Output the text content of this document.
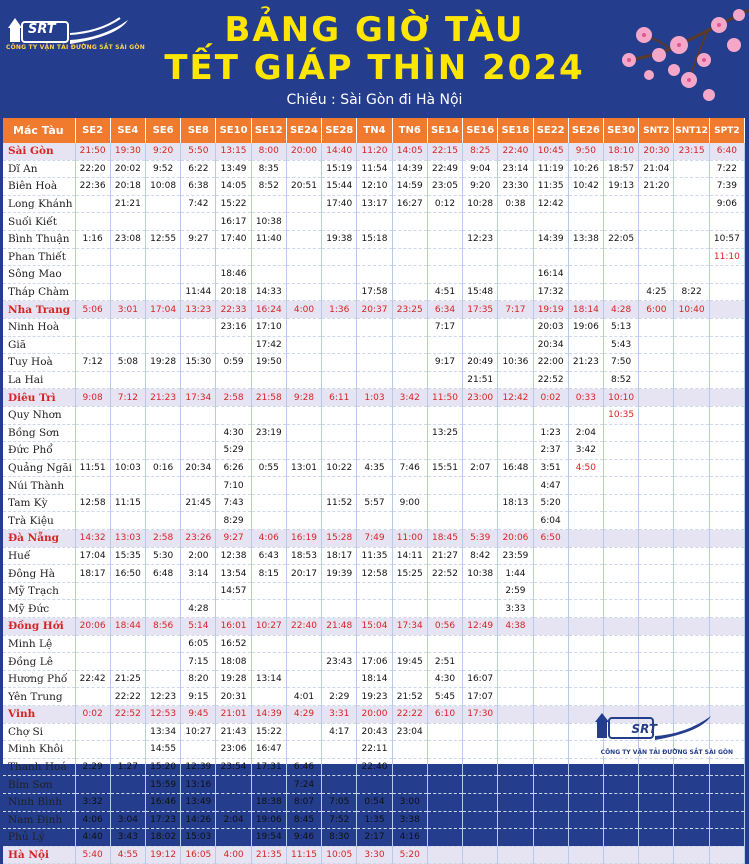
SRT
CÔNG TY VẬN TẢI ĐƯỜNG SẮT SÀI GÒN	BẢNG GIỜ TÀU
TẾT GIÁP THÌN 2024
Chiều : Sài Gòn đi Hà Nội
Mác Tàu	SE2	SE4	SE6	SE8	SE10	SE12	SE24	SE28	TN4	TN6	SE14	SE16	SE18	SE22	SE26	SE30	SNT2	SNT12	SPT2
Sài Gòn	21:50	19:30	9:20	5:50	13:15	8:00	20:00	14:40	11:20	14:05	22:15	8:25	22:40	10:45	9:50	18:10	20:30	23:15	6:40
Dĩ An	22:20	20:02	9:52	6:22	13:49	8:35		15:19	11:54	14:39	22:49	9:04	23:14	11:19	10:26	18:57	21:04		7:22
Biên Hoà	22:36	20:18	10:08	6:38	14:05	8:52	20:51	15:44	12:10	14:59	23:05	9:20	23:30	11:35	10:42	19:13	21:20		7:39
Long Khánh		21:21		7:42	15:22			17:40	13:17	16:27	0:12	10:28	0:38	12:42					9:06
Suối Kiết					16:17	10:38													
Bình Thuận	1:16	23:08	12:55	9:27	17:40	11:40		19:38	15:18			12:23		14:39	13:38	22:05			10:57
Phan Thiết																			11:10
Sông Mao					18:46									16:14					
Tháp Chàm				11:44	20:18	14:33			17:58		4:51	15:48		17:32			4:25	8:22	
Nha Trang	5:06	3:01	17:04	13:23	22:33	16:24	4:00	1:36	20:37	23:25	6:34	17:35	7:17	19:19	18:14	4:28	6:00	10:40	
Ninh Hoà					23:16	17:10					7:17			20:03	19:06	5:13			
Giã						17:42								20:34		5:43			
Tuy Hoà	7:12	5:08	19:28	15:30	0:59	19:50					9:17	20:49	10:36	22:00	21:23	7:50			
La Hai												21:51		22:52		8:52			
Diêu Trì	9:08	7:12	21:23	17:34	2:58	21:58	9:28	6:11	1:03	3:42	11:50	23:00	12:42	0:02	0:33	10:10			
Quy Nhơn																10:35			
Bồng Sơn					4:30	23:19					13:25			1:23	2:04				
Đức Phổ					5:29									2:37	3:42				
Quảng Ngãi	11:51	10:03	0:16	20:34	6:26	0:55	13:01	10:22	4:35	7:46	15:51	2:07	16:48	3:51	4:50				
Núi Thành					7:10									4:47					
Tam Kỳ	12:58	11:15		21:45	7:43			11:52	5:57	9:00			18:13	5:20					
Trà Kiệu					8:29									6:04					
Đà Nẵng	14:32	13:03	2:58	23:26	9:27	4:06	16:19	15:28	7:49	11:00	18:45	5:39	20:06	6:50					
Huế	17:04	15:35	5:30	2:00	12:38	6:43	18:53	18:17	11:35	14:11	21:27	8:42	23:59						
Đông Hà	18:17	16:50	6:48	3:14	13:54	8:15	20:17	19:39	12:58	15:25	22:52	10:38	1:44						
Mỹ Trạch					14:57								2:59						
Mỹ Đức				4:28									3:33						
Đồng Hới	20:06	18:44	8:56	5:14	16:01	10:27	22:40	21:48	15:04	17:34	0:56	12:49	4:38						
Minh Lệ				6:05	16:52														
Đồng Lê				7:15	18:08			23:43	17:06	19:45	2:51								
Hương Phố	22:42	21:25		8:20	19:28	13:14			18:14		4:30	16:07							
Yên Trung		22:22	12:23	9:15	20:31		4:01	2:29	19:23	21:52	5:45	17:07							
Vinh	0:02	22:52	12:53	9:45	21:01	14:39	4:29	3:31	20:00	22:22	6:10	17:30							
Chợ Si			13:34	10:27	21:43	15:22		4:17	20:43	23:04									
Minh Khôi			14:55		23:06	16:47			22:11										
Thanh Hoá	2:29	1:27	15:20	12:39	23:54	17:31	6:46		22:40										
Bỉm Sơn			15:59	13:16			7:24												
Ninh Bình	3:32		16:46	13:49		18:38	8:07	7:05	0:54	3:00									
Nam Định	4:06	3:04	17:23	14:26	2:04	19:06	8:45	7:52	1:35	3:38									
Phủ Lý	4:40	3:43	18:02	15:03		19:54	9:46	8:30	2:17	4:16									
Hà Nội	5:40	4:55	19:12	16:05	4:00	21:35	11:15	10:05	3:30	5:20									
SRT
CÔNG TY VẬN TẢI ĐƯỜNG SẮT SÀI GÒN
